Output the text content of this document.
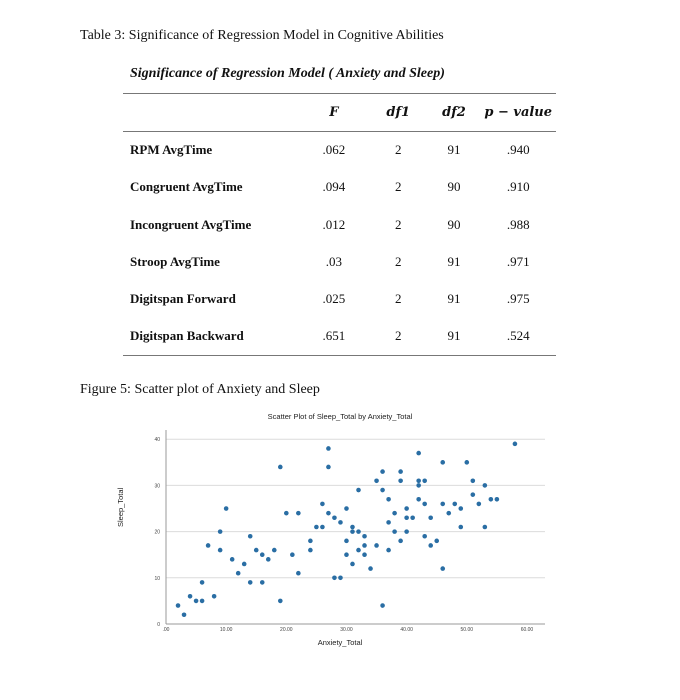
Table 3: Significance of Regression Model in Cognitive Abilities
Significance of Regression Model ( Anxiety and Sleep)
	F	df1	df2	p − value
RPM AvgTime	.062	2	91	.940
Congruent AvgTime	.094	2	90	.910
Incongruent AvgTime	.012	2	90	.988
Stroop AvgTime	.03	2	91	.971
Digitspan Forward	.025	2	91	.975
Digitspan Backward	.651	2	91	.524
Figure 5: Scatter plot of Anxiety and Sleep
0
10
20
30
40
.00	10.00	20.00	30.00	40.00	50.00	60.00
Scatter Plot of Sleep_Total by Anxiety_Total
Anxiety_Total
Sleep_Total
